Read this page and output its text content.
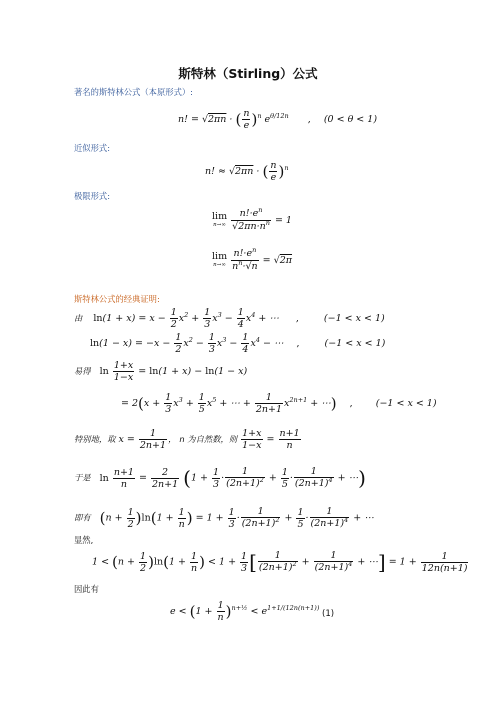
斯特林（Stirling）公式
著名的斯特林公式（本原形式）:
n! = √2πn · ( $\frac{n}{e} )^n$ $e^{\theta/12n}$ , (0 < θ < 1)
近似形式:
n! ≈ √2πn · ( $\frac{n}{e} )^n$
极限形式:
lim
n→∞
$\frac{n!\cdot e^n}{√2\pi n\cdot n^n} = 1$
lim
n→∞
$\frac{n!\cdot e^n}{n^n\cdot√n} = √2\pi$
斯特林公式的经典证明:
由 $\ln(1 + x) = x - \frac{1}{2} x^2 + \frac{1}{3} x^3 - \frac{1}{4} x^4$ + ⋯ ,	(−1 < x < 1)
$\ln(1 - x) = -x - \frac{1}{2} x^2 - \frac{1}{3} x^3 - \frac{1}{4} x^4$ − ⋯ ,	(−1 < x < 1)
易得 $\ln \frac{1+x}{1-x} = \ln(1 + x) - \ln(1 - x)$
= $2(x + \frac{1}{3} x^3 + \frac{1}{5} x^5$ + ⋯ + $\frac{1}{2n+1} x^{2n+1}$ + ⋯) , (−1 < x < 1)
特别地，取 $x = \frac{1}{2n+1}$ ， n 为自然数，则 $\frac{1+x}{1-x} = \frac{n+1}{n}$
于是 $\ln \frac{n+1}{n} = \frac{2}{2n+1} (1 + \frac{1}{3} \cdot \frac{1}{(2n+1)^2} + \frac{1}{5} \cdot \frac{1}{(2n+1)^4}$ + ⋯)
即有 $(n + \frac{1}{2} )\ln(1 + \frac{1}{n}$ ) = $1 + \frac{1}{3} \cdot \frac{1}{(2n+1)^2} + \frac{1}{5} \cdot \frac{1}{(2n+1)^4}$ + ⋯
显然,
$1 < (n + \frac{1}{2} )\ln(1 + \frac{1}{n}$ ) < $1 + \frac{1}{3}$ [ $\frac{1}{(2n+1)^2} + \frac{1}{(2n+1)^4}$ + ⋯] = $1 + \frac{1}{12n(n+1)}$
因此有
$e < (1 + \frac{1}{n} )^{n+\frac{1}{2}} < e^{1+1/(12n(n+1))}$
(1)
